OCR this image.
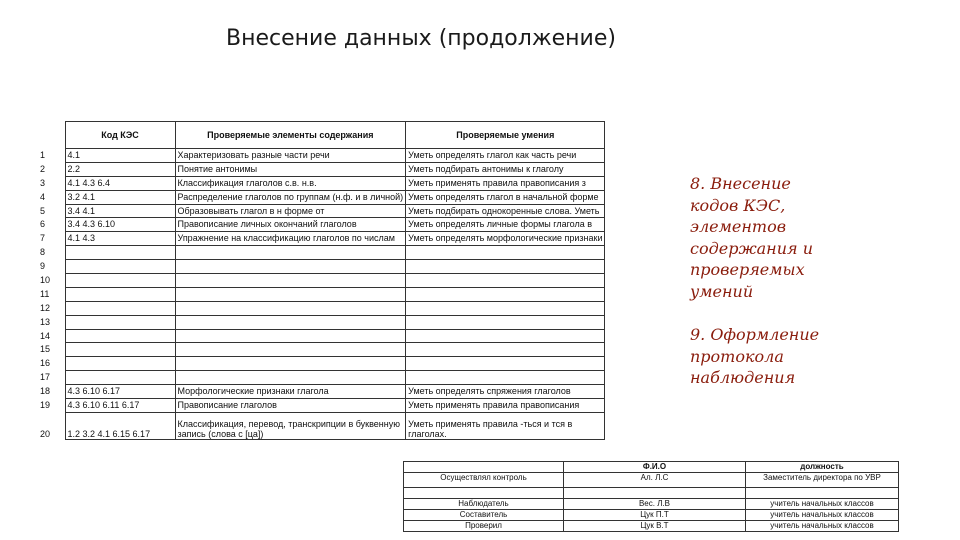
Внесение данных (продолжение)
	Код КЭС	Проверяемые элементы содержания	Проверяемые умения
1	4.1	Характеризовать разные части речи	Уметь определять глагол как часть речи
2	2.2	Понятие антонимы	Уметь подбирать антонимы к глаголу
3	4.1 4.3 6.4	Классификация глаголов с.в. н.в.	Уметь применять правила правописания з
4	3.2 4.1	Распределение глаголов по группам (н.ф. и в личной)	Уметь определять глагол в начальной форме
5	3.4 4.1	Образовывать глагол в н форме от	Уметь подбирать однокоренные слова. Уметь
6	3.4 4.3 6.10	Правописание личных окончаний глаголов	Уметь определять личные формы глагола в
7	4.1 4.3	Упражнение на классификацию глаголов по числам	Уметь определять морфологические признаки
8			
9			
10			
11			
12			
13			
14			
15			
16			
17			
18	4.3 6.10 6.17	Морфологические признаки глагола	Уметь определять спряжения глаголов
19	4.3 6.10 6.11 6.17	Правописание глаголов	Уметь применять правила правописания
20	1.2 3.2 4.1 6.15 6.17	Классификация, перевод, транскрипции в буквенную запись (слова с [ца])	Уметь применять правила -ться и тся в глаголах.
8. Внесение кодов КЭС, элементов содержания и проверяемых умений
9. Оформление протокола наблюдения
	Ф.И.О	должность
Осуществлял контроль	Ал. Л.С	Заместитель директора по УВР

Наблюдатель	Вес. Л.В	учитель начальных классов
Составитель	Цук П.Т	учитель начальных классов
Проверил	Цук В.Т	учитель начальных классов
